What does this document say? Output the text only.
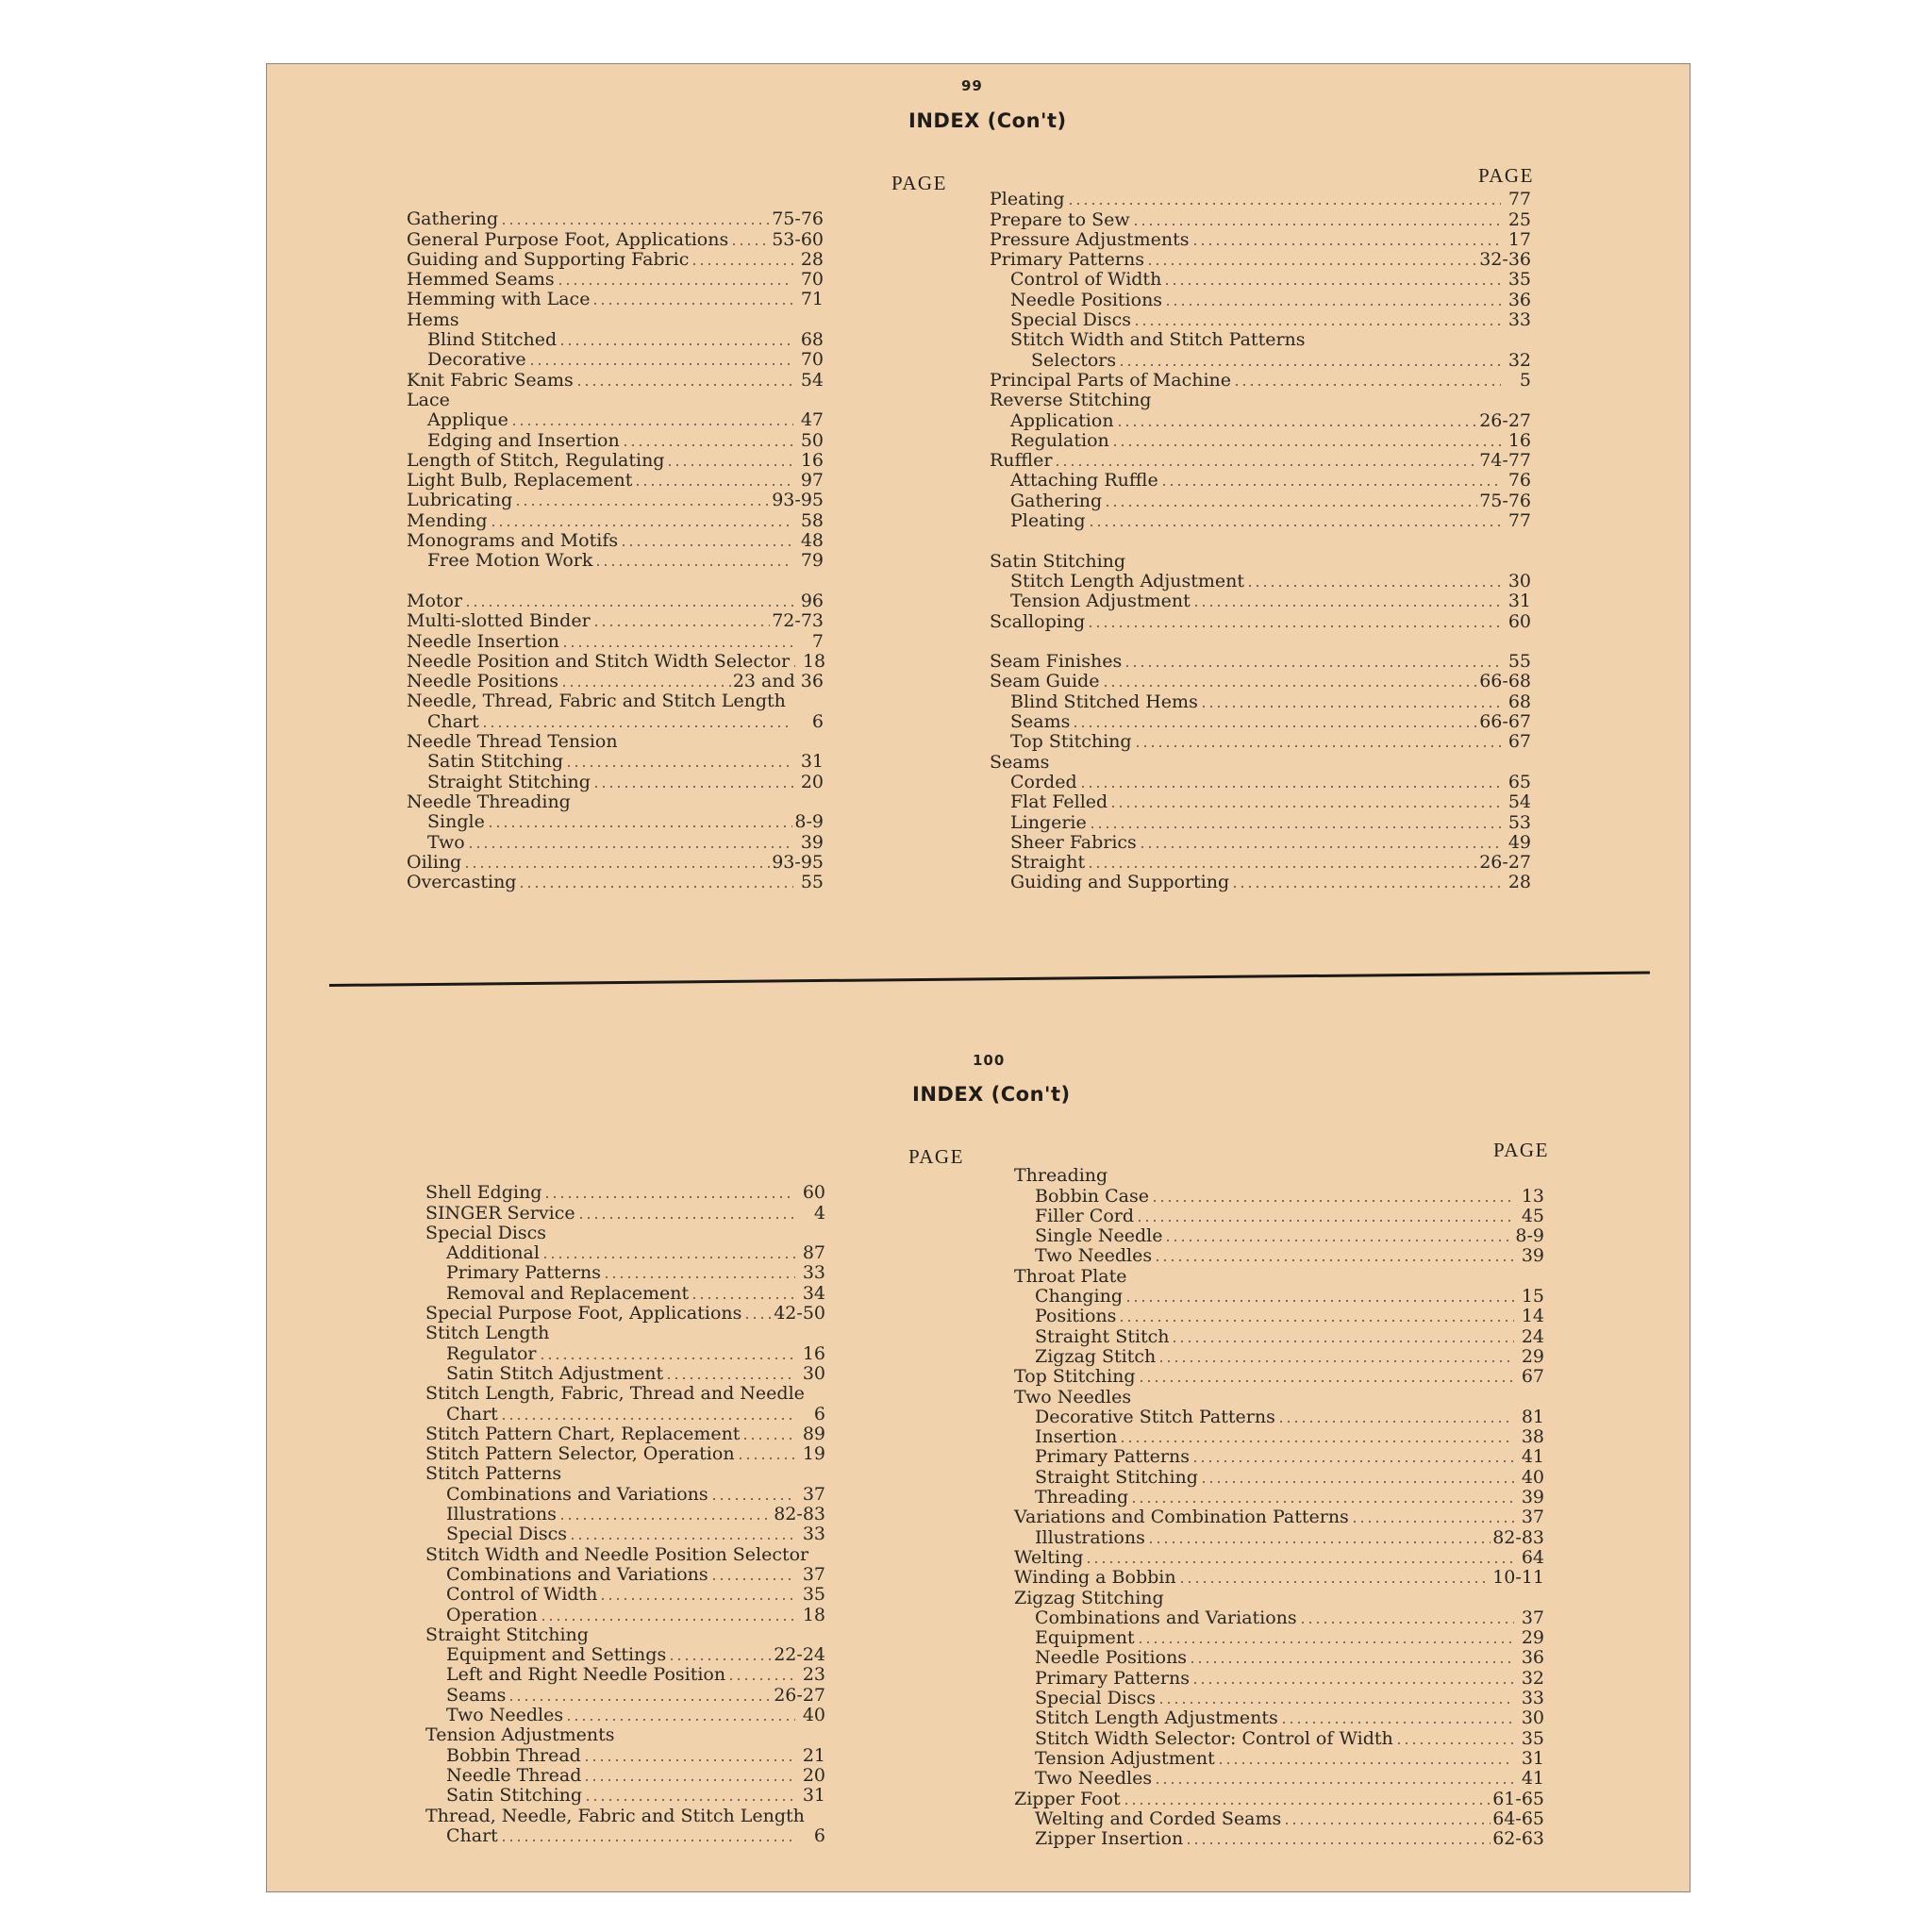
99
INDEX (Con't)
PAGE	PAGE
Gathering	75-76
General Purpose Foot, Applications 53-60
Guiding and Supporting Fabric	28
Hemmed Seams	70
Hemming with Lace	71
Hems
Blind Stitched	68
Decorative	70
Knit Fabric Seams	54
Lace
Applique	47
Edging and Insertion	50
Length of Stitch, Regulating	16
Light Bulb, Replacement	97
Lubricating	93-95
Mending	58
Monograms and Motifs	48
Free Motion Work	79
Motor	96
Multi-slotted Binder	72-73
Needle Insertion	7
Needle Position and Stitch Width Selector 18
Needle Positions	23 and 36
Needle, Thread, Fabric and Stitch Length
Chart	6
Needle Thread Tension
Satin Stitching	31
Straight Stitching	20
Needle Threading
Single	8-9
Two	39
Oiling	93-95
Overcasting	55
Pleating	77
Prepare to Sew	25
Pressure Adjustments	17
Primary Patterns	32-36
Control of Width	35
Needle Positions	36
Special Discs	33
Stitch Width and Stitch Patterns
Selectors	32
Principal Parts of Machine	5
Reverse Stitching
Application	26-27
Regulation	16
Ruffler	74-77
Attaching Ruffle	76
Gathering	75-76
Pleating	77
Satin Stitching
Stitch Length Adjustment	30
Tension Adjustment	31
Scalloping	60
Seam Finishes	55
Seam Guide	66-68
Blind Stitched Hems	68
Seams	66-67
Top Stitching	67
Seams
Corded	65
Flat Felled	54
Lingerie	53
Sheer Fabrics	49
Straight	26-27
Guiding and Supporting	28
100
INDEX (Con't)
PAGE	PAGE
Shell Edging	60
SINGER Service	4
Special Discs
Additional	87
Primary Patterns	33
Removal and Replacement	34
Special Purpose Foot, Applications 42-50
Stitch Length
Regulator	16
Satin Stitch Adjustment	30
Stitch Length, Fabric, Thread and Needle
Chart	6
Stitch Pattern Chart, Replacement	89
Stitch Pattern Selector, Operation	19
Stitch Patterns
Combinations and Variations	37
Illustrations	82-83
Special Discs	33
Stitch Width and Needle Position Selector
Combinations and Variations	37
Control of Width	35
Operation	18
Straight Stitching
Equipment and Settings	22-24
Left and Right Needle Position	23
Seams	26-27
Two Needles	40
Tension Adjustments
Bobbin Thread	21
Needle Thread	20
Satin Stitching	31
Thread, Needle, Fabric and Stitch Length
Chart	6
Threading
Bobbin Case	13
Filler Cord	45
Single Needle	8-9
Two Needles	39
Throat Plate
Changing	15
Positions	14
Straight Stitch	24
Zigzag Stitch	29
Top Stitching	67
Two Needles
Decorative Stitch Patterns	81
Insertion	38
Primary Patterns	41
Straight Stitching	40
Threading	39
Variations and Combination Patterns	37
Illustrations	82-83
Welting	64
Winding a Bobbin	10-11
Zigzag Stitching
Combinations and Variations	37
Equipment	29
Needle Positions	36
Primary Patterns	32
Special Discs	33
Stitch Length Adjustments	30
Stitch Width Selector: Control of Width	35
Tension Adjustment	31
Two Needles	41
Zipper Foot	61-65
Welting and Corded Seams	64-65
Zipper Insertion	62-63
